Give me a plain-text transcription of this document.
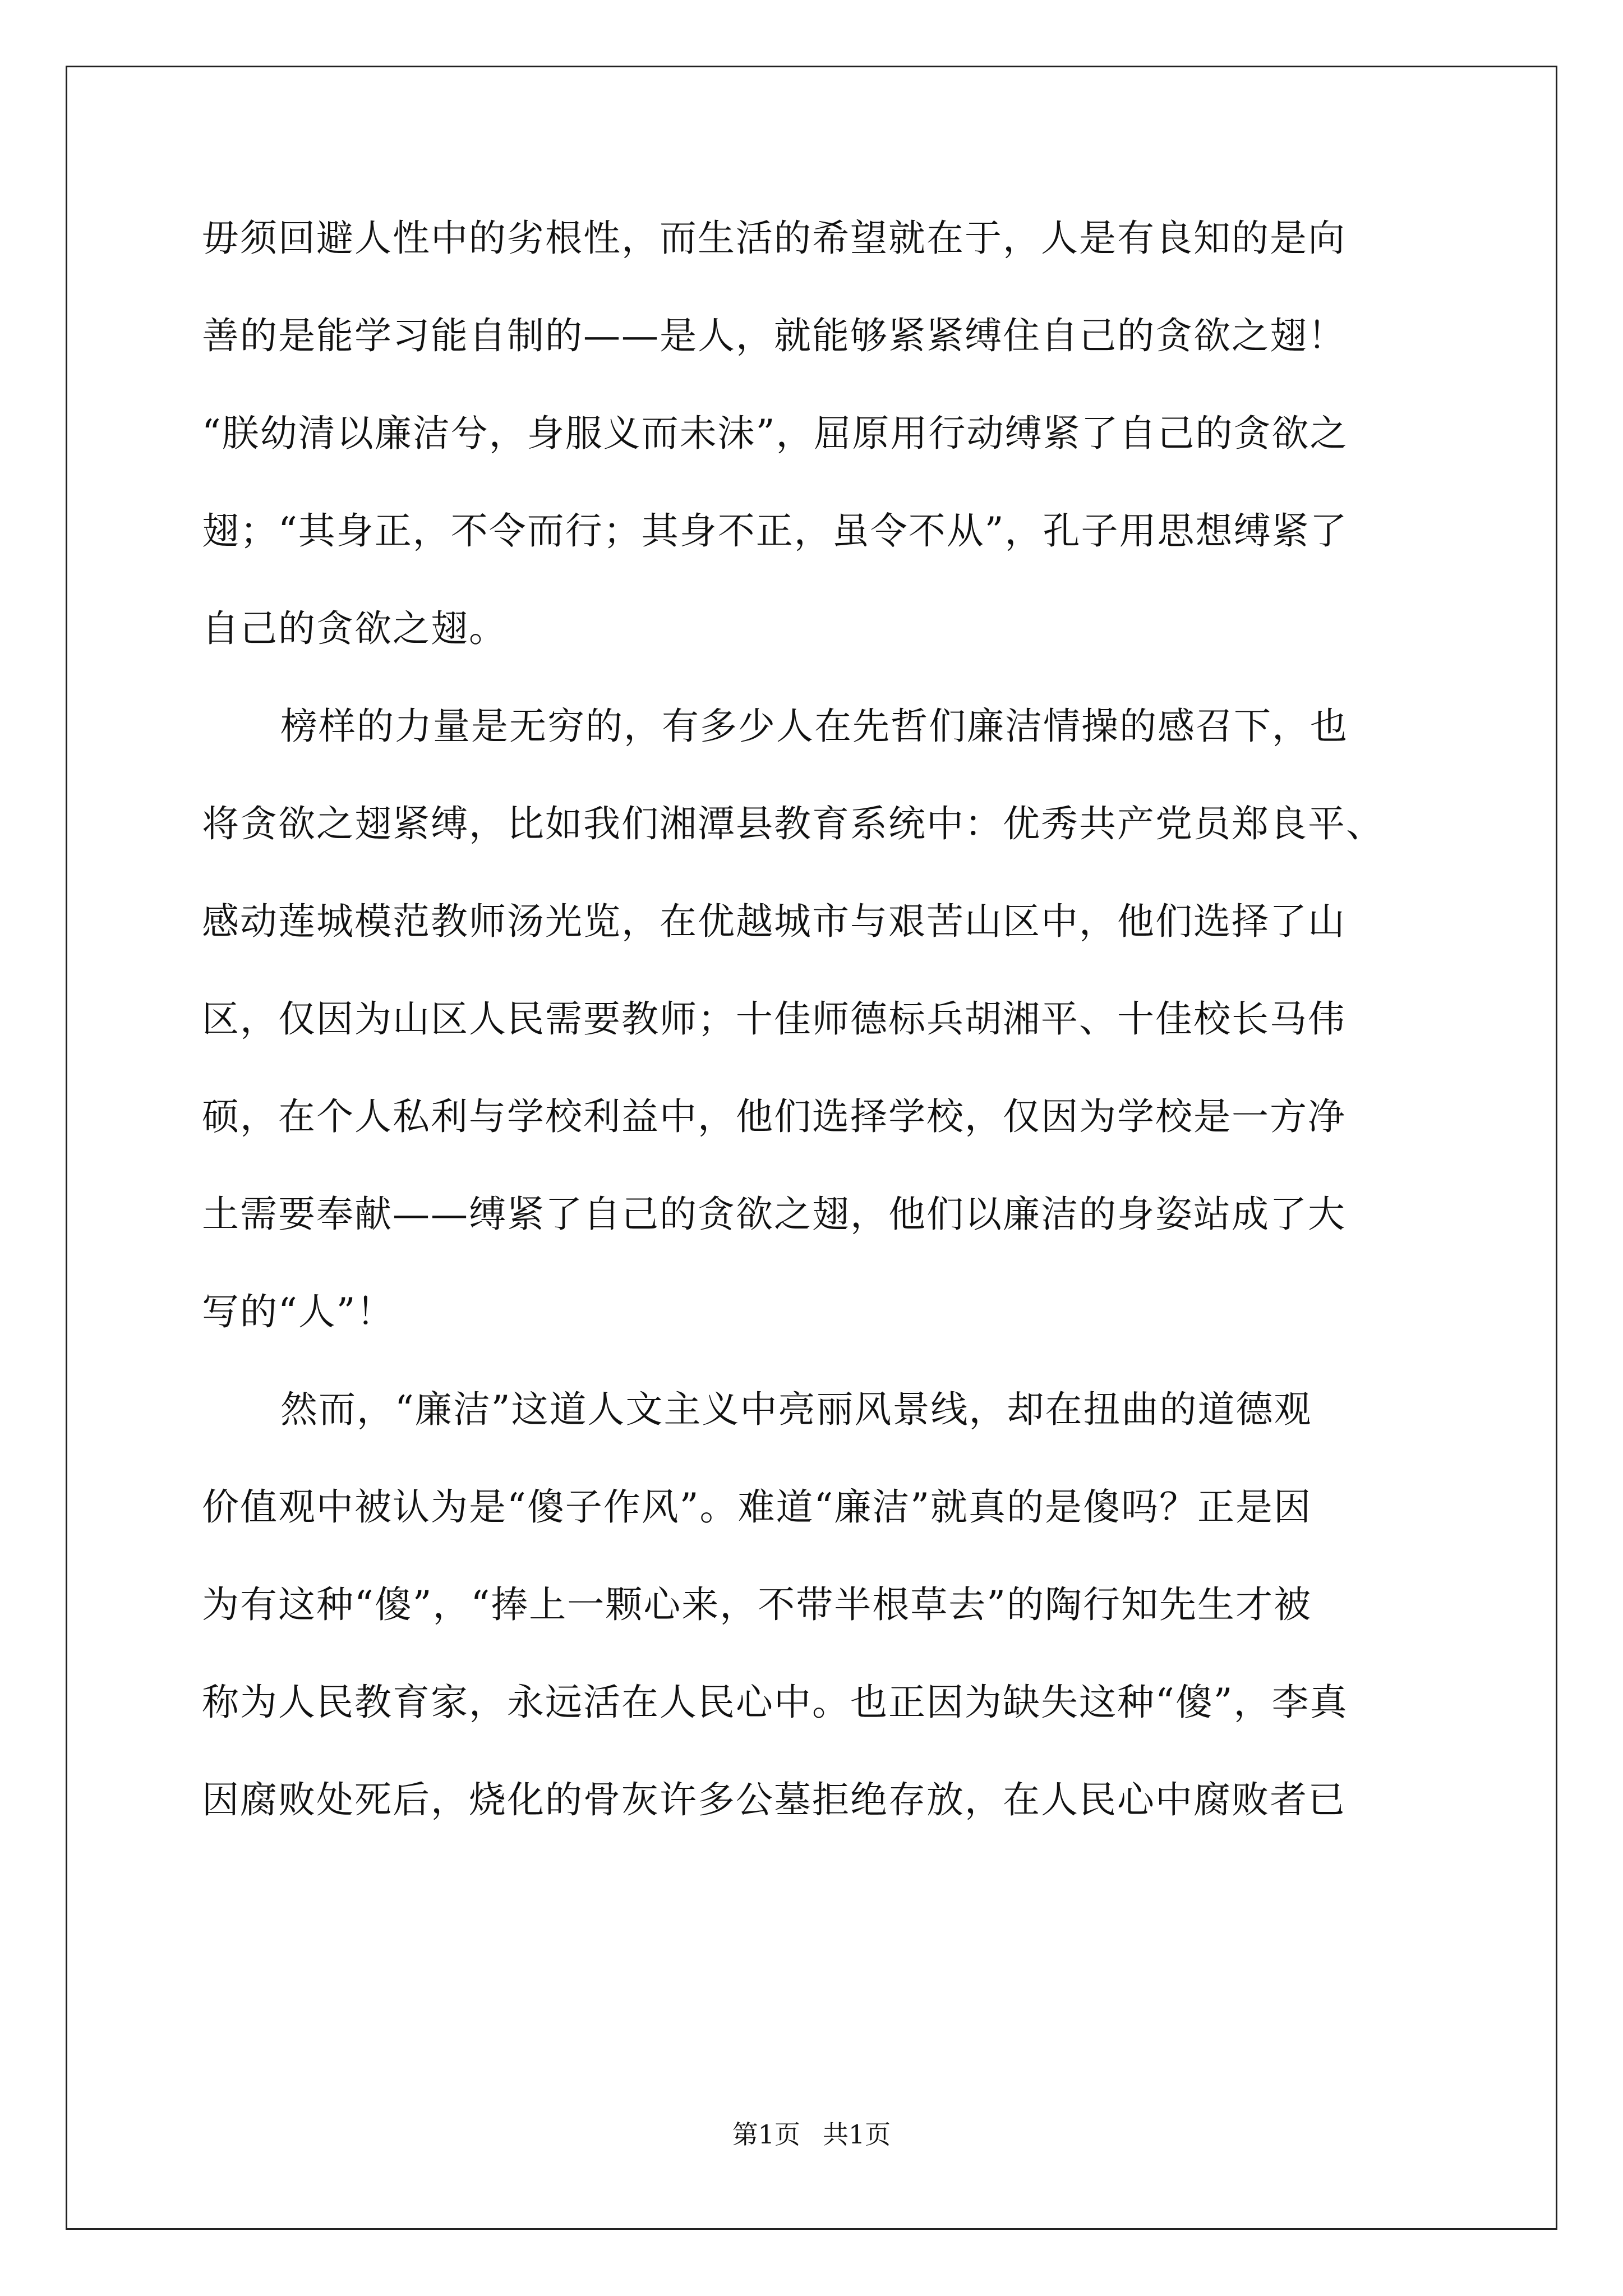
毋须回避人性中的劣根性，而生活的希望就在于，人是有良知的是向
善的是能学习能自制的——是人，就能够紧紧缚住自己的贪欲之翅！
“朕幼清以廉洁兮，身服义而未沬”，屈原用行动缚紧了自己的贪欲之
翅；“其身正，不令而行；其身不正，虽令不从”，孔子用思想缚紧了
自己的贪欲之翅。
榜样的力量是无穷的，有多少人在先哲们廉洁情操的感召下，也
将贪欲之翅紧缚，比如我们湘潭县教育系统中：优秀共产党员郑良平、
感动莲城模范教师汤光览，在优越城市与艰苦山区中，他们选择了山
区，仅因为山区人民需要教师；十佳师德标兵胡湘平、十佳校长马伟
硕，在个人私利与学校利益中，他们选择学校，仅因为学校是一方净
土需要奉献——缚紧了自己的贪欲之翅，他们以廉洁的身姿站成了大
写的“人”！
然而，“廉洁”这道人文主义中亮丽风景线，却在扭曲的道德观
价值观中被认为是“傻子作风”。难道“廉洁”就真的是傻吗？正是因
为有这种“傻”，“捧上一颗心来，不带半根草去”的陶行知先生才被
称为人民教育家，永远活在人民心中。也正因为缺失这种“傻”，李真
因腐败处死后，烧化的骨灰许多公墓拒绝存放，在人民心中腐败者已
第1页 共1页
